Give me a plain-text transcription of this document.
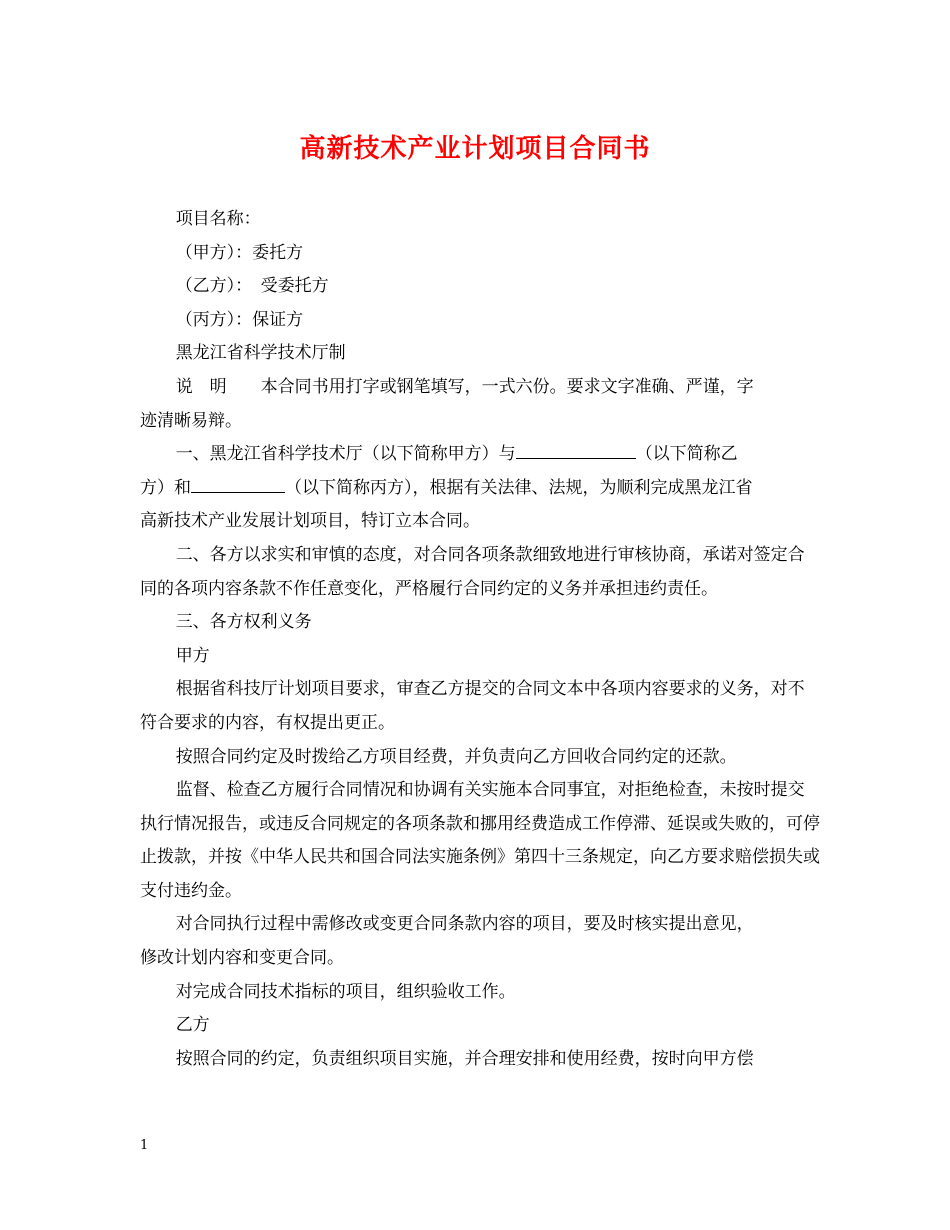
高新技术产业计划项目合同书

项目名称：

（甲方）：委托方

（乙方）：　受委托方

（丙方）：保证方

黑龙江省科学技术厅制

说　明　　本合同书用打字或钢笔填写，一式六份。要求文字准确、严谨，字

迹清晰易辩。

一、黑龙江省科学技术厅（以下简称甲方）与	（以下简称乙

方）和	（以下简称丙方），根据有关法律、法规，为顺利完成黑龙江省

高新技术产业发展计划项目，特订立本合同。

二、各方以求实和审慎的态度，对合同各项条款细致地进行审核协商，承诺对签定合同的各项内容条款不作任意变化，严格履行合同约定的义务并承担违约责任。

三、各方权利义务

甲方

根据省科技厅计划项目要求，审查乙方提交的合同文本中各项内容要求的义务，对不符合要求的内容，有权提出更正。

按照合同约定及时拨给乙方项目经费，并负责向乙方回收合同约定的还款。

监督、检查乙方履行合同情况和协调有关实施本合同事宜，对拒绝检查，未按时提交执行情况报告，或违反合同规定的各项条款和挪用经费造成工作停滞、延误或失败的，可停止拨款，并按《中华人民共和国合同法实施条例》第四十三条规定，向乙方要求赔偿损失或支付违约金。

对合同执行过程中需修改或变更合同条款内容的项目，要及时核实提出意见，

修改计划内容和变更合同。

对完成合同技术指标的项目，组织验收工作。

乙方

按照合同的约定，负责组织项目实施，并合理安排和使用经费，按时向甲方偿

1
